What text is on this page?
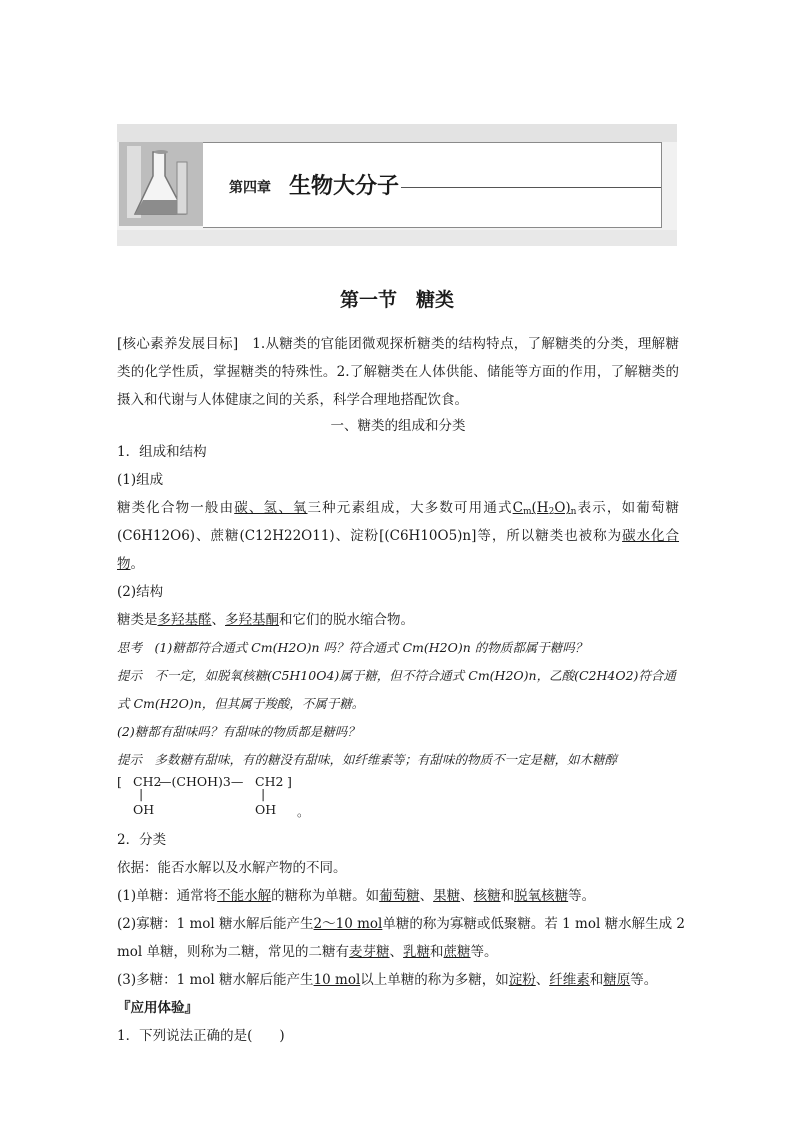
第四章 生物大分子
第一节　糖类

[核心素养发展目标]　1.从糖类的官能团微观探析糖类的结构特点，了解糖类的分类，理解糖类的化学性质，掌握糖类的特殊性。2.了解糖类在人体供能、储能等方面的作用，了解糖类的摄入和代谢与人体健康之间的关系，科学合理地搭配饮食。

一、糖类的组成和分类

1．组成和结构

(1)组成

糖类化合物一般由碳、氢、氧三种元素组成，大多数可用通式$C_m(H_2O)_n$表示，如葡萄糖(C6H12O6)、蔗糖(C12H22O11)、淀粉[(C6H10O5)n]等，所以糖类也被称为碳水化合物。

(2)结构

糖类是多羟基醛、多羟基酮和它们的脱水缩合物。

思考　(1)糖都符合通式 Cm(H2O)n 吗？符合通式 Cm(H2O)n 的物质都属于糖吗？

提示　不一定，如脱氧核糖(C5H10O4)属于糖，但不符合通式 Cm(H2O)n，乙酸(C2H4O2)符合通

式 Cm(H2O)n，但其属于羧酸，不属于糖。

(2)糖都有甜味吗？有甜味的物质都是糖吗？

提示　多数糖有甜味，有的糖没有甜味，如纤维素等；有甜味的物质不一定是糖，如木糖醇

[ CH2
—(CHOH)3— CH2 ]
|	|
OH	OH 。

2．分类

依据：能否水解以及水解产物的不同。

(1)单糖：通常将不能水解的糖称为单糖。如葡萄糖、果糖、核糖和脱氧核糖等。

(2)寡糖：1 mol 糖水解后能产生2～10 mol单糖的称为寡糖或低聚糖。若 1 mol 糖水解生成 2

mol 单糖，则称为二糖，常见的二糖有麦芽糖、乳糖和蔗糖等。

(3)多糖：1 mol 糖水解后能产生10 mol以上单糖的称为多糖，如淀粉、纤维素和糖原等。

『应用体验』

1．下列说法正确的是(　　)
